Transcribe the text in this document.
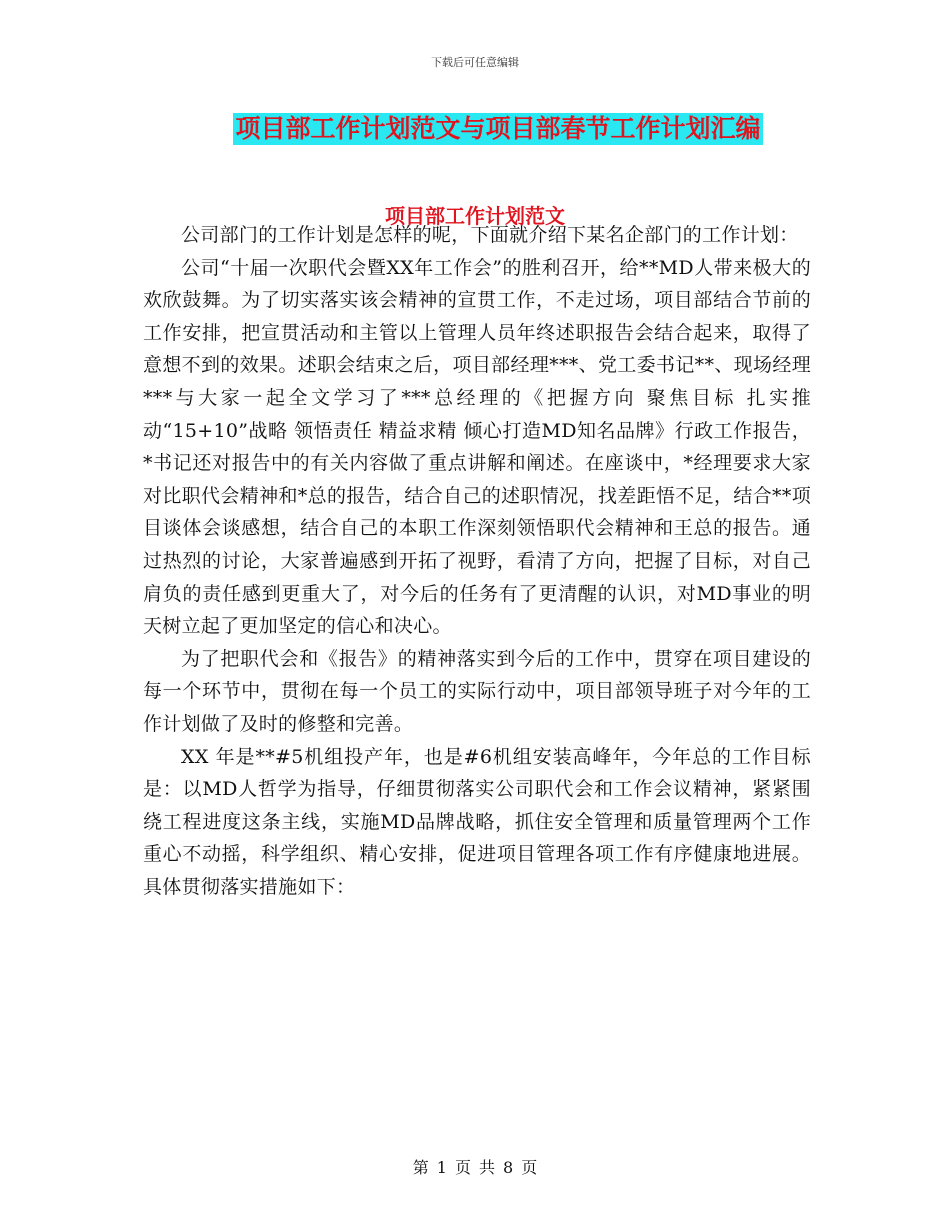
下载后可任意编辑
项目部工作计划范文与项目部春节工作计划汇编
项目部工作计划范文

公司部门的工作计划是怎样的呢，下面就介绍下某名企部门的工作计划：

公司“十届一次职代会暨XX年工作会”的胜利召开，给**MD人带来极大的欢欣鼓舞。为了切实落实该会精神的宣贯工作，不走过场，项目部结合节前的工作安排，把宣贯活动和主管以上管理人员年终述职报告会结合起来，取得了意想不到的效果。述职会结束之后，项目部经理***、党工委书记**、现场经理***与大家一起全文学习了***总经理的《把握方向 聚焦目标 扎实推动“15+10”战略 领悟责任 精益求精 倾心打造MD知名品牌》行政工作报告，*书记还对报告中的有关内容做了重点讲解和阐述。在座谈中，*经理要求大家对比职代会精神和*总的报告，结合自己的述职情况，找差距悟不足，结合**项目谈体会谈感想，结合自己的本职工作深刻领悟职代会精神和王总的报告。通过热烈的讨论，大家普遍感到开拓了视野，看清了方向，把握了目标，对自己肩负的责任感到更重大了，对今后的任务有了更清醒的认识，对MD事业的明天树立起了更加坚定的信心和决心。

为了把职代会和《报告》的精神落实到今后的工作中，贯穿在项目建设的每一个环节中，贯彻在每一个员工的实际行动中，项目部领导班子对今年的工作计划做了及时的修整和完善。

XX 年是**#5机组投产年，也是#6机组安装高峰年，今年总的工作目标是：以MD人哲学为指导，仔细贯彻落实公司职代会和工作会议精神，紧紧围绕工程进度这条主线，实施MD品牌战略，抓住安全管理和质量管理两个工作重心不动摇，科学组织、精心安排，促进项目管理各项工作有序健康地进展。具体贯彻落实措施如下：

第 1 页 共 8 页
